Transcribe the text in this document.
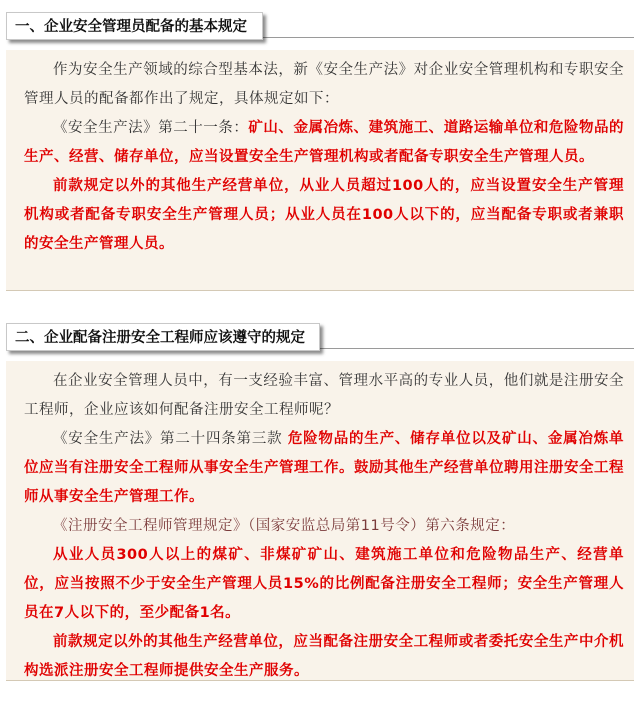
一、企业安全管理员配备的基本规定

作为安全生产领域的综合型基本法，新《安全生产法》对企业安全管理机构和专职安全管理人员的配备都作出了规定，具体规定如下：

《安全生产法》第二十一条：矿山、金属冶炼、建筑施工、道路运输单位和危险物品的生产、经营、储存单位，应当设置安全生产管理机构或者配备专职安全生产管理人员。

前款规定以外的其他生产经营单位，从业人员超过100人的，应当设置安全生产管理机构或者配备专职安全生产管理人员；从业人员在100人以下的，应当配备专职或者兼职的安全生产管理人员。

二、企业配备注册安全工程师应该遵守的规定

在企业安全管理人员中，有一支经验丰富、管理水平高的专业人员，他们就是注册安全工程师，企业应该如何配备注册安全工程师呢？

《安全生产法》第二十四条第三款 危险物品的生产、储存单位以及矿山、金属冶炼单位应当有注册安全工程师从事安全生产管理工作。鼓励其他生产经营单位聘用注册安全工程师从事安全生产管理工作。

《注册安全工程师管理规定》（国家安监总局第11号令）第六条规定：

从业人员300人以上的煤矿、非煤矿矿山、建筑施工单位和危险物品生产、经营单位，应当按照不少于安全生产管理人员15%的比例配备注册安全工程师；安全生产管理人员在7人以下的，至少配备1名。

前款规定以外的其他生产经营单位，应当配备注册安全工程师或者委托安全生产中介机构选派注册安全工程师提供安全生产服务。
